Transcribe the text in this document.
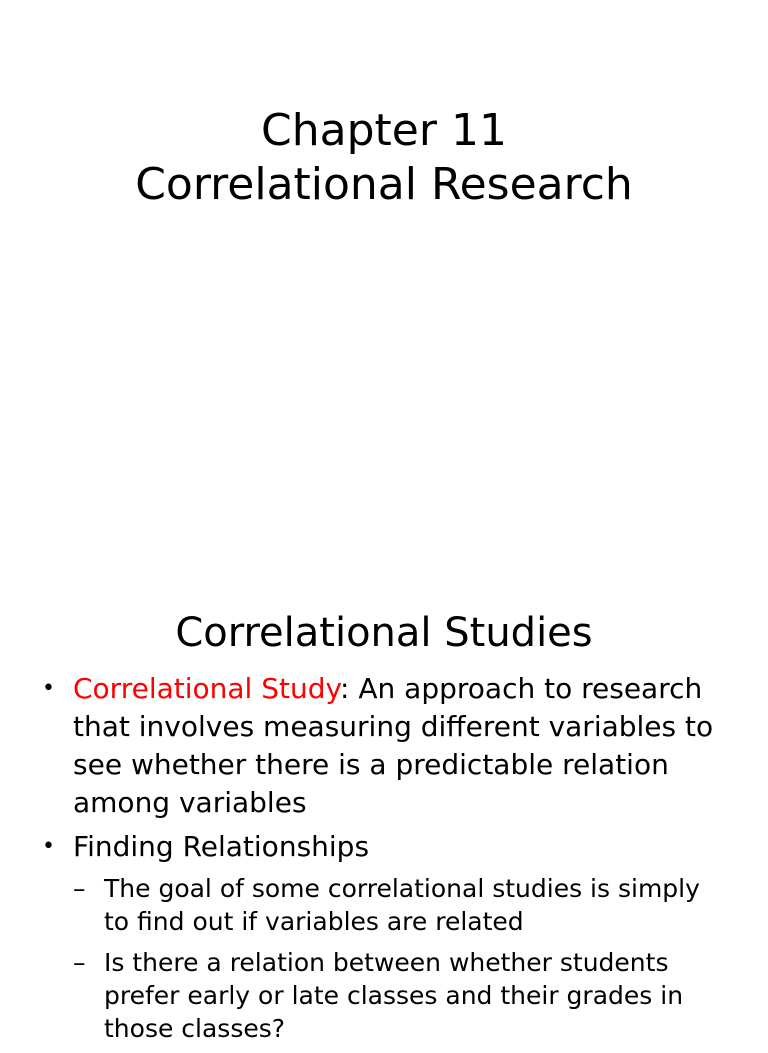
Chapter 11
Correlational Research
Correlational Studies
• Correlational Study: An approach to research that involves measuring different variables to see whether there is a predictable relation among variables
• Finding Relationships
– The goal of some correlational studies is simply to find out if variables are related
– Is there a relation between whether students prefer early or late classes and their grades in those classes?
